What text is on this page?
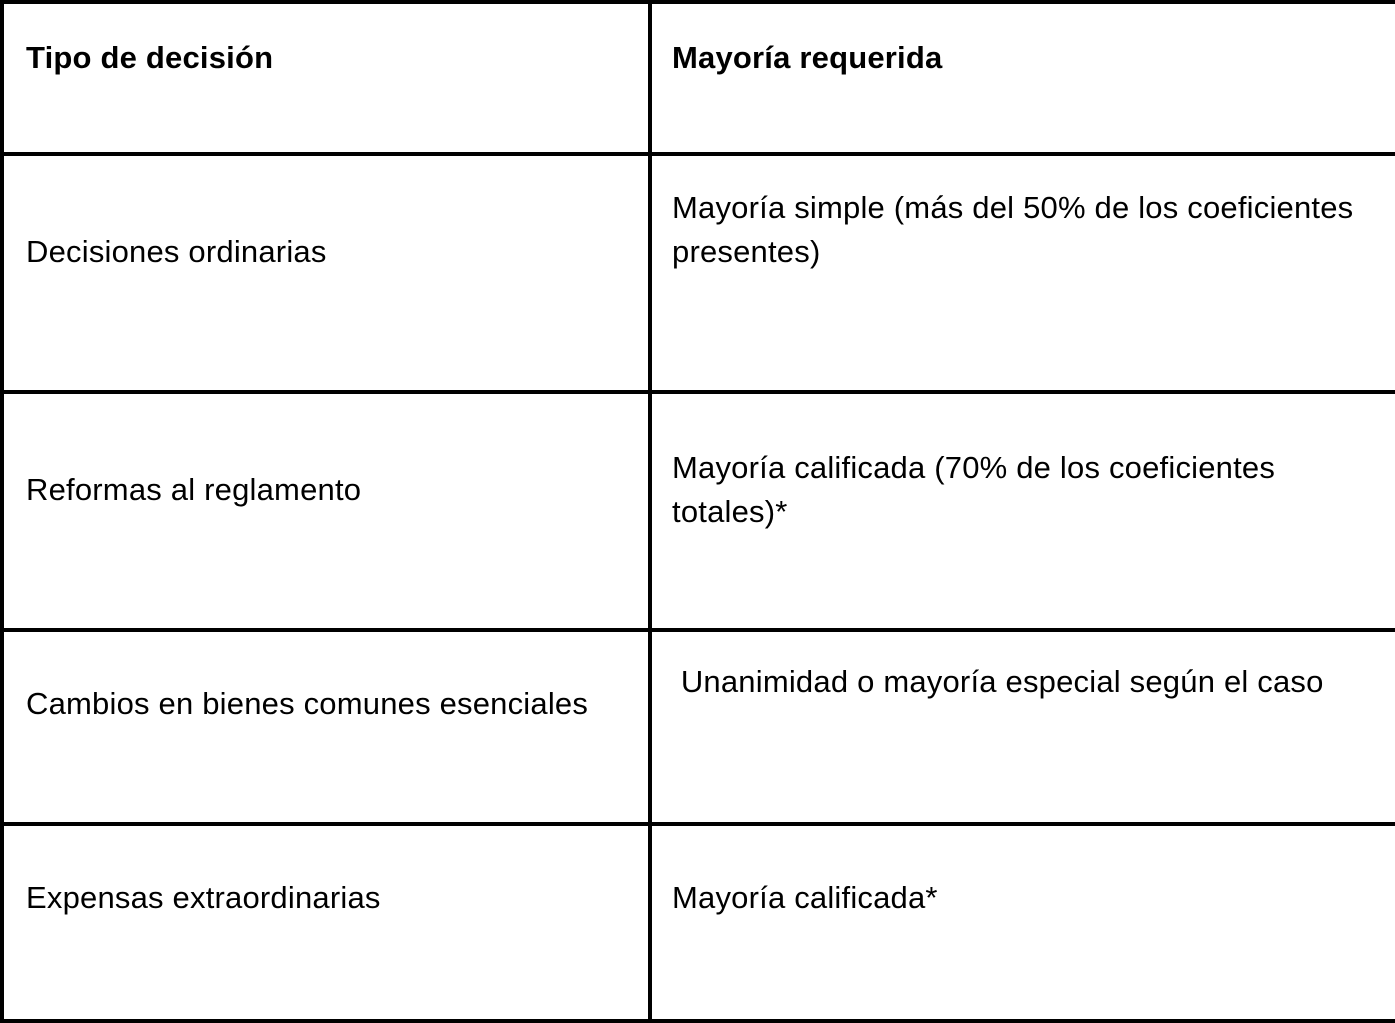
Tipo de decisión	Mayoría requerida

Decisiones ordinarias	Mayoría simple (más del 50% de los coeficientes presentes)

Reformas al reglamento	Mayoría calificada (70% de los coeficientes totales)*

Cambios en bienes comunes esenciales	Unanimidad o mayoría especial según el caso

Expensas extraordinarias	Mayoría calificada*
